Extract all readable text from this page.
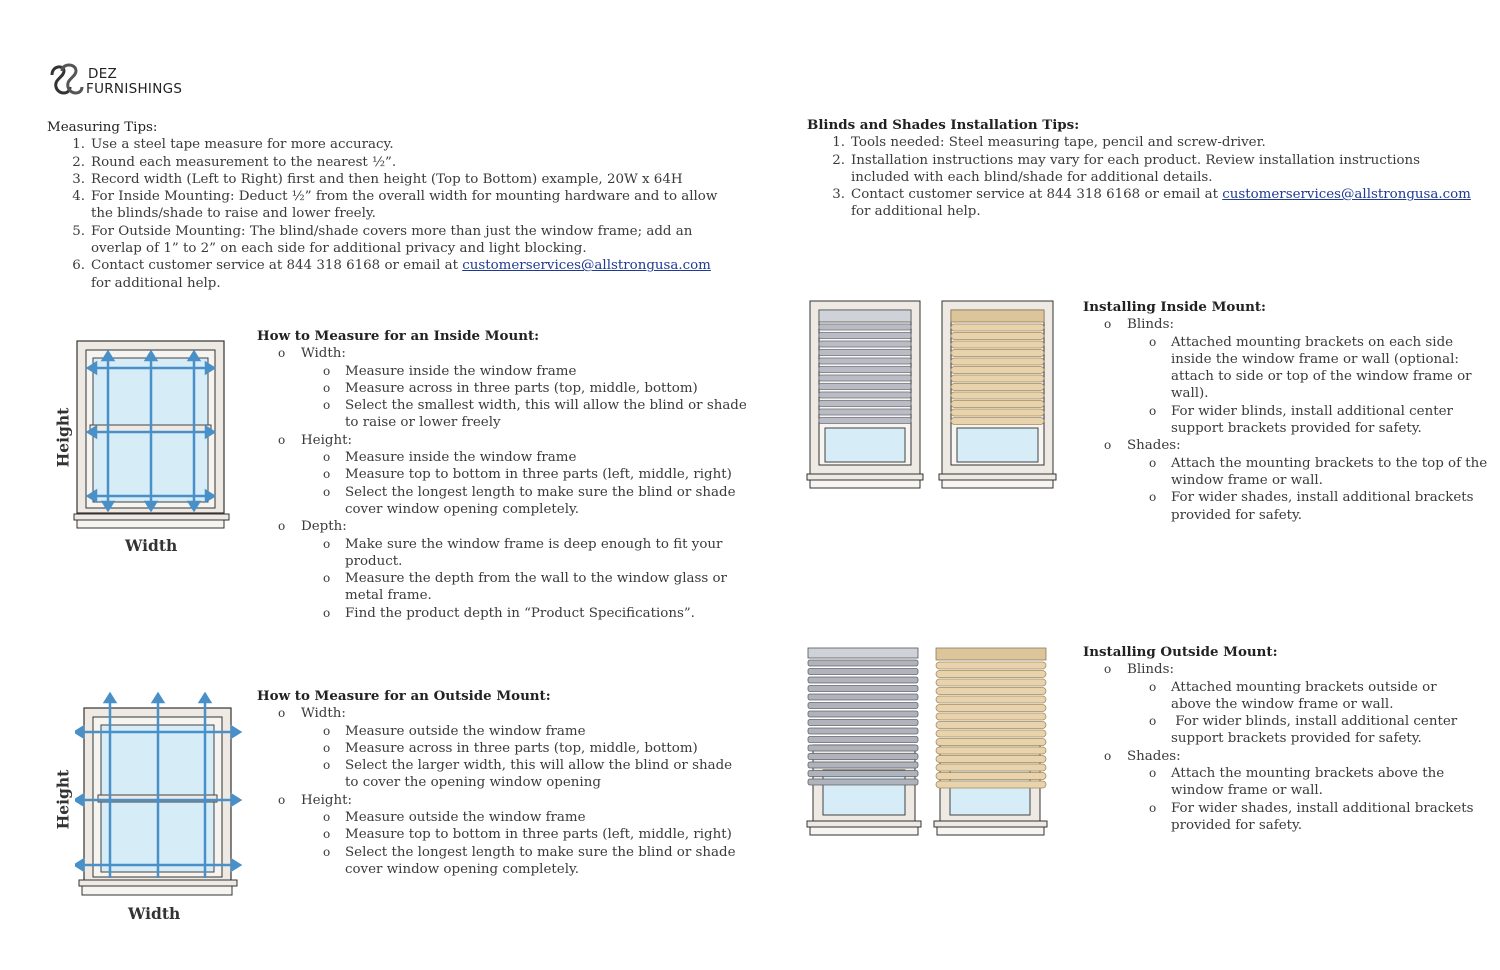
DEZ
FURNISHINGS
Measuring Tips:
1. Use a steel tape measure for more accuracy.
2. Round each measurement to the nearest ½”.
3. Record width (Left to Right) first and then height (Top to Bottom) example, 20W x 64H
4. For Inside Mounting: Deduct ½” from the overall width for mounting hardware and to allow
the blinds/shade to raise and lower freely.
5. For Outside Mounting: The blind/shade covers more than just the window frame; add an
overlap of 1” to 2” on each side for additional privacy and light blocking.
6. Contact customer service at 844 318 6168 or email at customerservices@allstrongusa.com
for additional help.
Blinds and Shades Installation Tips:
1. Tools needed: Steel measuring tape, pencil and screw-driver.
2. Installation instructions may vary for each product. Review installation instructions
included with each blind/shade for additional details.
3. Contact customer service at 844 318 6168 or email at customerservices@allstrongusa.com
for additional help.
Height
Width
Height
Width
How to Measure for an Inside Mount:
o Width:
o Measure inside the window frame
o Measure across in three parts (top, middle, bottom)
o Select the smallest width, this will allow the blind or shade
to raise or lower freely
o Height:
o Measure inside the window frame
o Measure top to bottom in three parts (left, middle, right)
o Select the longest length to make sure the blind or shade
cover window opening completely.
o Depth:
o Make sure the window frame is deep enough to fit your
product.
o Measure the depth from the wall to the window glass or
metal frame.
o Find the product depth in “Product Specifications”.
How to Measure for an Outside Mount:
o Width:
o Measure outside the window frame
o Measure across in three parts (top, middle, bottom)
o Select the larger width, this will allow the blind or shade
to cover the opening window opening
o Height:
o Measure outside the window frame
o Measure top to bottom in three parts (left, middle, right)
o Select the longest length to make sure the blind or shade
cover window opening completely.
Installing Inside Mount:
o Blinds:
o Attached mounting brackets on each side
inside the window frame or wall (optional:
attach to side or top of the window frame or
wall).
o For wider blinds, install additional center
support brackets provided for safety.
o Shades:
o Attach the mounting brackets to the top of the
window frame or wall.
o For wider shades, install additional brackets
provided for safety.
Installing Outside Mount:
o Blinds:
o Attached mounting brackets outside or
above the window frame or wall.
o For wider blinds, install additional center
support brackets provided for safety.
o Shades:
o Attach the mounting brackets above the
window frame or wall.
o For wider shades, install additional brackets
provided for safety.
